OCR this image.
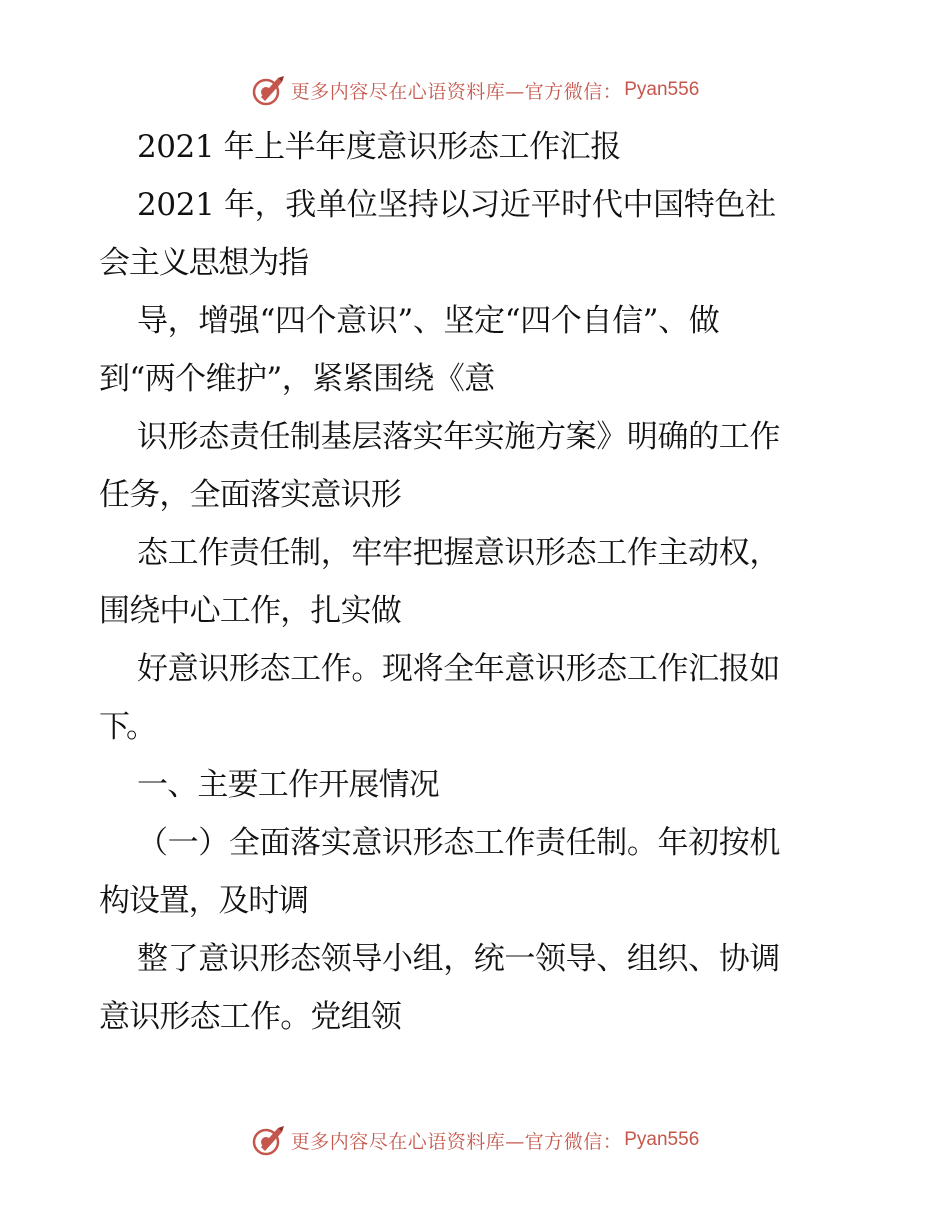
更多内容尽在心语资料库—官方微信： Pyan556
2021 年上半年度意识形态工作汇报
2021 年，我单位坚持以习近平时代中国特色社
会主义思想为指
导，增强“四个意识”、坚定“四个自信”、做
到“两个维护”，紧紧围绕《意
识形态责任制基层落实年实施方案》明确的工作
任务，全面落实意识形
态工作责任制，牢牢把握意识形态工作主动权，
围绕中心工作，扎实做
好意识形态工作。现将全年意识形态工作汇报如
下。
一、主要工作开展情况
（一）全面落实意识形态工作责任制。年初按机
构设置，及时调
整了意识形态领导小组，统一领导、组织、协调
意识形态工作。党组领
更多内容尽在心语资料库—官方微信： Pyan556
